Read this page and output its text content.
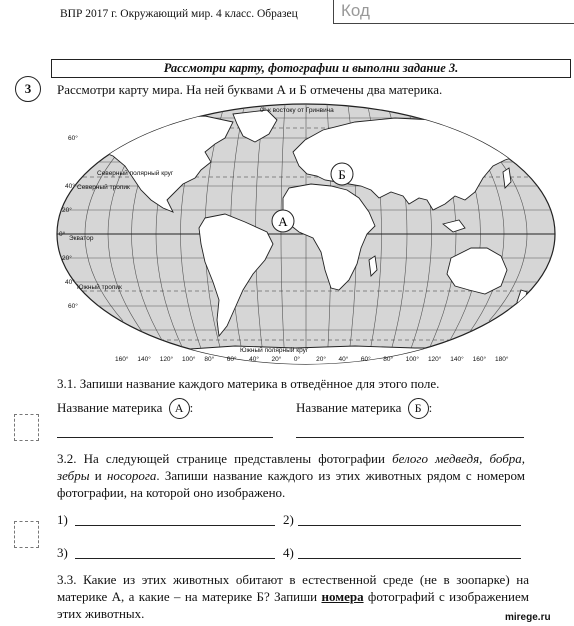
ВПР 2017 г. Окружающий мир. 4 класс. Образец	Код
Рассмотри карту, фотографии и выполни задание 3.
3	Рассмотри карту мира. На ней буквами А и Б отмечены два материка.
А
Б
Северный полярный круг
Северный тропик
Экватор
Южный тропик
Южный полярный круг
0° к востоку от Гринвича
60°
40°
20°
0°
20°
40°
60°
160° 140° 120° 100° 80° 60° 40° 20° 0° 20° 40° 60° 80° 100° 120° 140° 160° 180°
3.1. Запиши название каждого материка в отведённое для этого поле.
Название материка А :	Название материка Б :
3.2. На следующей странице представлены фотографии белого медведя, бобра, зебры и носорога. Запиши название каждого из этих животных рядом с номером фотографии, на которой оно изображено.
1)	2)
3)	4)
3.3. Какие из этих животных обитают в естественной среде (не в зоопарке) на материке А, а какие – на материке Б? Запиши номера фотографий с изображением этих животных.	mirege.ru
